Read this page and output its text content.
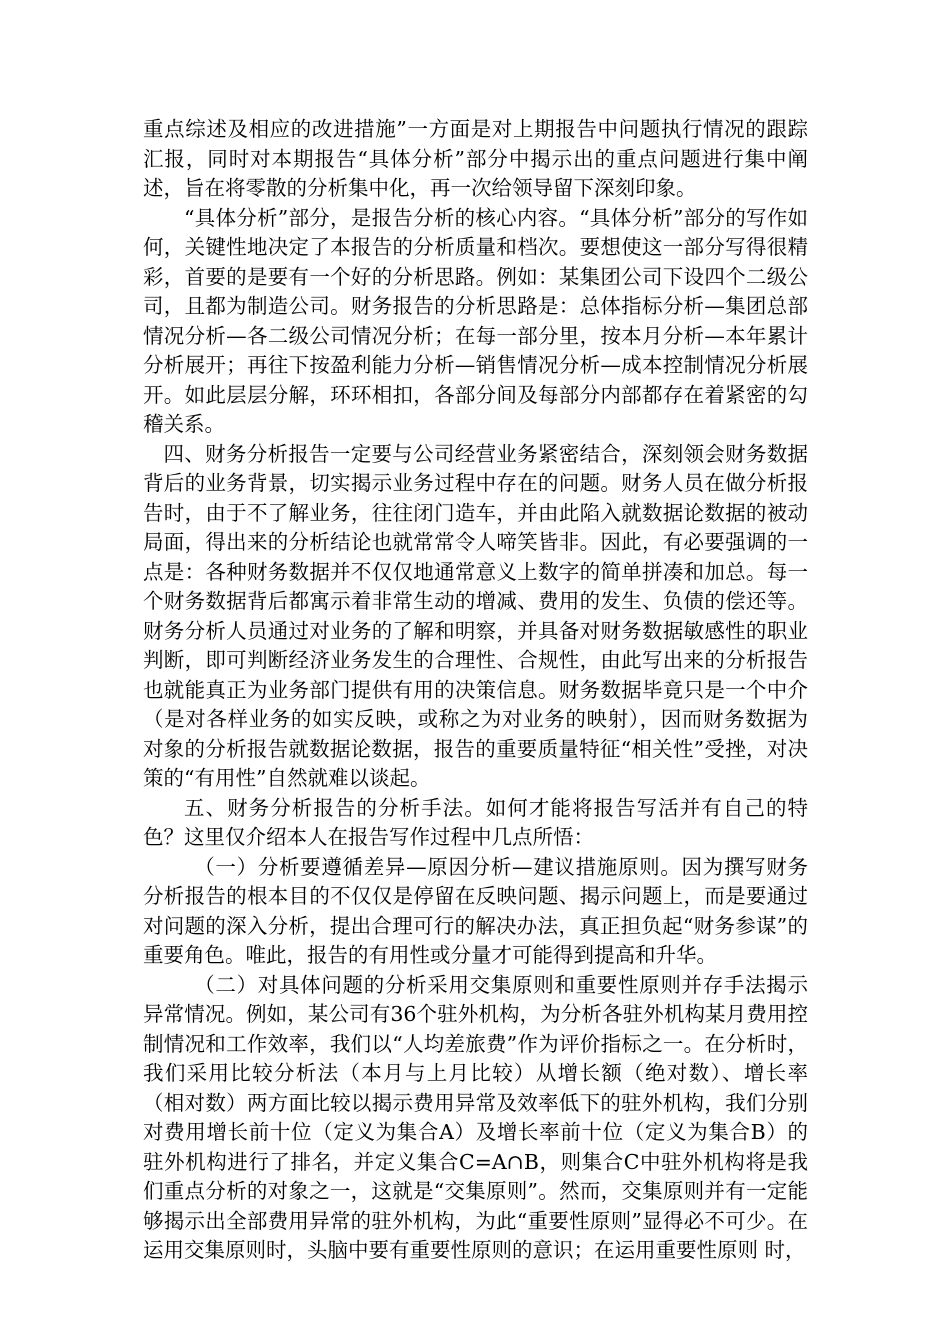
重点综述及相应的改进措施”一方面是对上期报告中问题执行情况的跟踪汇报，同时对本期报告“具体分析”部分中揭示出的重点问题进行集中阐述，旨在将零散的分析集中化，再一次给领导留下深刻印象。

“具体分析”部分，是报告分析的核心内容。“具体分析”部分的写作如何，关键性地决定了本报告的分析质量和档次。要想使这一部分写得很精彩，首要的是要有一个好的分析思路。例如：某集团公司下设四个二级公司，且都为制造公司。财务报告的分析思路是：总体指标分析—集团总部情况分析—各二级公司情况分析；在每一部分里，按本月分析—本年累计分析展开；再往下按盈利能力分析—销售情况分析—成本控制情况分析展开。如此层层分解，环环相扣，各部分间及每部分内部都存在着紧密的勾稽关系。

四、财务分析报告一定要与公司经营业务紧密结合，深刻领会财务数据背后的业务背景，切实揭示业务过程中存在的问题。财务人员在做分析报告时，由于不了解业务，往往闭门造车，并由此陷入就数据论数据的被动局面，得出来的分析结论也就常常令人啼笑皆非。因此，有必要强调的一点是：各种财务数据并不仅仅地通常意义上数字的简单拼凑和加总。每一个财务数据背后都寓示着非常生动的增减、费用的发生、负债的偿还等。财务分析人员通过对业务的了解和明察，并具备对财务数据敏感性的职业判断，即可判断经济业务发生的合理性、合规性，由此写出来的分析报告也就能真正为业务部门提供有用的决策信息。财务数据毕竟只是一个中介（是对各样业务的如实反映，或称之为对业务的映射），因而财务数据为对象的分析报告就数据论数据，报告的重要质量特征“相关性”受挫，对决策的“有用性”自然就难以谈起。

五、财务分析报告的分析手法。如何才能将报告写活并有自己的特色？这里仅介绍本人在报告写作过程中几点所悟：

（一）分析要遵循差异—原因分析—建议措施原则。因为撰写财务分析报告的根本目的不仅仅是停留在反映问题、揭示问题上，而是要通过对问题的深入分析，提出合理可行的解决办法，真正担负起“财务参谋”的重要角色。唯此，报告的有用性或分量才可能得到提高和升华。

（二）对具体问题的分析采用交集原则和重要性原则并存手法揭示异常情况。例如，某公司有36个驻外机构，为分析各驻外机构某月费用控制情况和工作效率，我们以“人均差旅费”作为评价指标之一。在分析时，我们采用比较分析法（本月与上月比较）从增长额（绝对数）、增长率（相对数）两方面比较以揭示费用异常及效率低下的驻外机构，我们分别对费用增长前十位（定义为集合A）及增长率前十位（定义为集合B）的驻外机构进行了排名，并定义集合C=A∩B，则集合C中驻外机构将是我们重点分析的对象之一，这就是“交集原则”。然而，交集原则并有一定能够揭示出全部费用异常的驻外机构，为此“重要性原则”显得必不可少。在运用交集原则时，头脑中要有重要性原则的意识；在运用重要性原则 时，
